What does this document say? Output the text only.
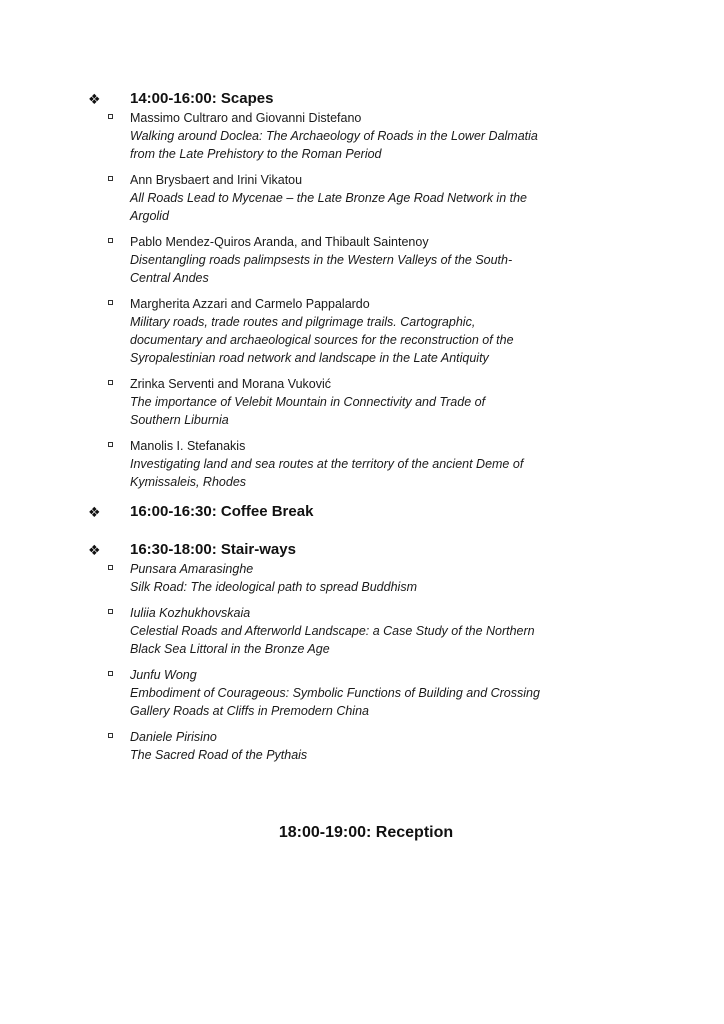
❖	14:00-16:00: Scapes
Massimo Cultraro and Giovanni Distefano
Walking around Doclea: The Archaeology of Roads in the Lower Dalmatia
from the Late Prehistory to the Roman Period
Ann Brysbaert and Irini Vikatou
All Roads Lead to Mycenae – the Late Bronze Age Road Network in the
Argolid
Pablo Mendez-Quiros Aranda, and Thibault Saintenoy
Disentangling roads palimpsests in the Western Valleys of the South-
Central Andes
Margherita Azzari and Carmelo Pappalardo
Military roads, trade routes and pilgrimage trails. Cartographic,
documentary and archaeological sources for the reconstruction of the
Syropalestinian road network and landscape in the Late Antiquity
Zrinka Serventi and Morana Vuković
The importance of Velebit Mountain in Connectivity and Trade of
Southern Liburnia
Manolis I. Stefanakis
Investigating land and sea routes at the territory of the ancient Deme of
Kymissaleis, Rhodes
❖	16:00-16:30: Coffee Break
❖	16:30-18:00: Stair-ways
Punsara Amarasinghe
Silk Road: The ideological path to spread Buddhism
Iuliia Kozhukhovskaia
Celestial Roads and Afterworld Landscape: a Case Study of the Northern
Black Sea Littoral in the Bronze Age
Junfu Wong
Embodiment of Courageous: Symbolic Functions of Building and Crossing
Gallery Roads at Cliffs in Premodern China
Daniele Pirisino
The Sacred Road of the Pythais
18:00-19:00: Reception
